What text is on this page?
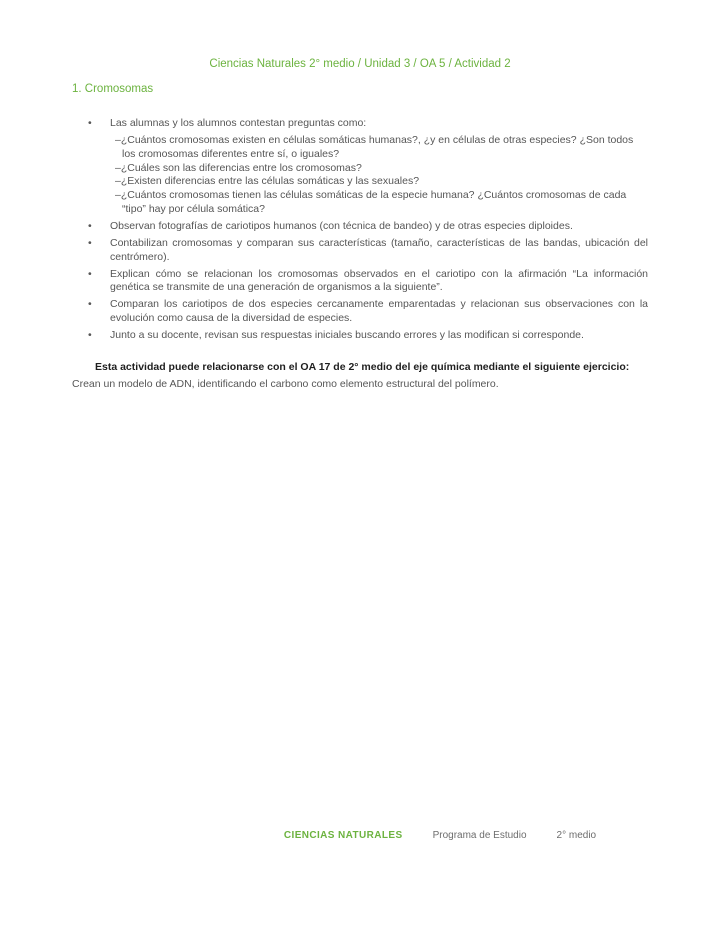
Ciencias Naturales 2° medio / Unidad 3 / OA 5 / Actividad 2
1. Cromosomas
•
Las alumnas y los alumnos contestan preguntas como:
–¿Cuántos cromosomas existen en células somáticas humanas?, ¿y en células de otras especies? ¿Son todos los cromosomas diferentes entre sí, o iguales?
–¿Cuáles son las diferencias entre los cromosomas?
–¿Existen diferencias entre las células somáticas y las sexuales?
–¿Cuántos cromosomas tienen las células somáticas de la especie humana? ¿Cuántos cromosomas de cada “tipo” hay por célula somática?
•
Observan fotografías de cariotipos humanos (con técnica de bandeo) y de otras especies diploides.
•
Contabilizan cromosomas y comparan sus características (tamaño, características de las bandas, ubicación del centrómero).
•
Explican cómo se relacionan los cromosomas observados en el cariotipo con la afirmación “La información genética se transmite de una generación de organismos a la siguiente”.
•
Comparan los cariotipos de dos especies cercanamente emparentadas y relacionan sus observaciones con la evolución como causa de la diversidad de especies.
•
Junto a su docente, revisan sus respuestas iniciales buscando errores y las modifican si corresponde.
Esta actividad puede relacionarse con el OA 17 de 2° medio del eje química mediante el siguiente ejercicio:
Crean un modelo de ADN, identificando el carbono como elemento estructural del polímero.
CIENCIAS NATURALES	Programa de Estudio	2° medio
